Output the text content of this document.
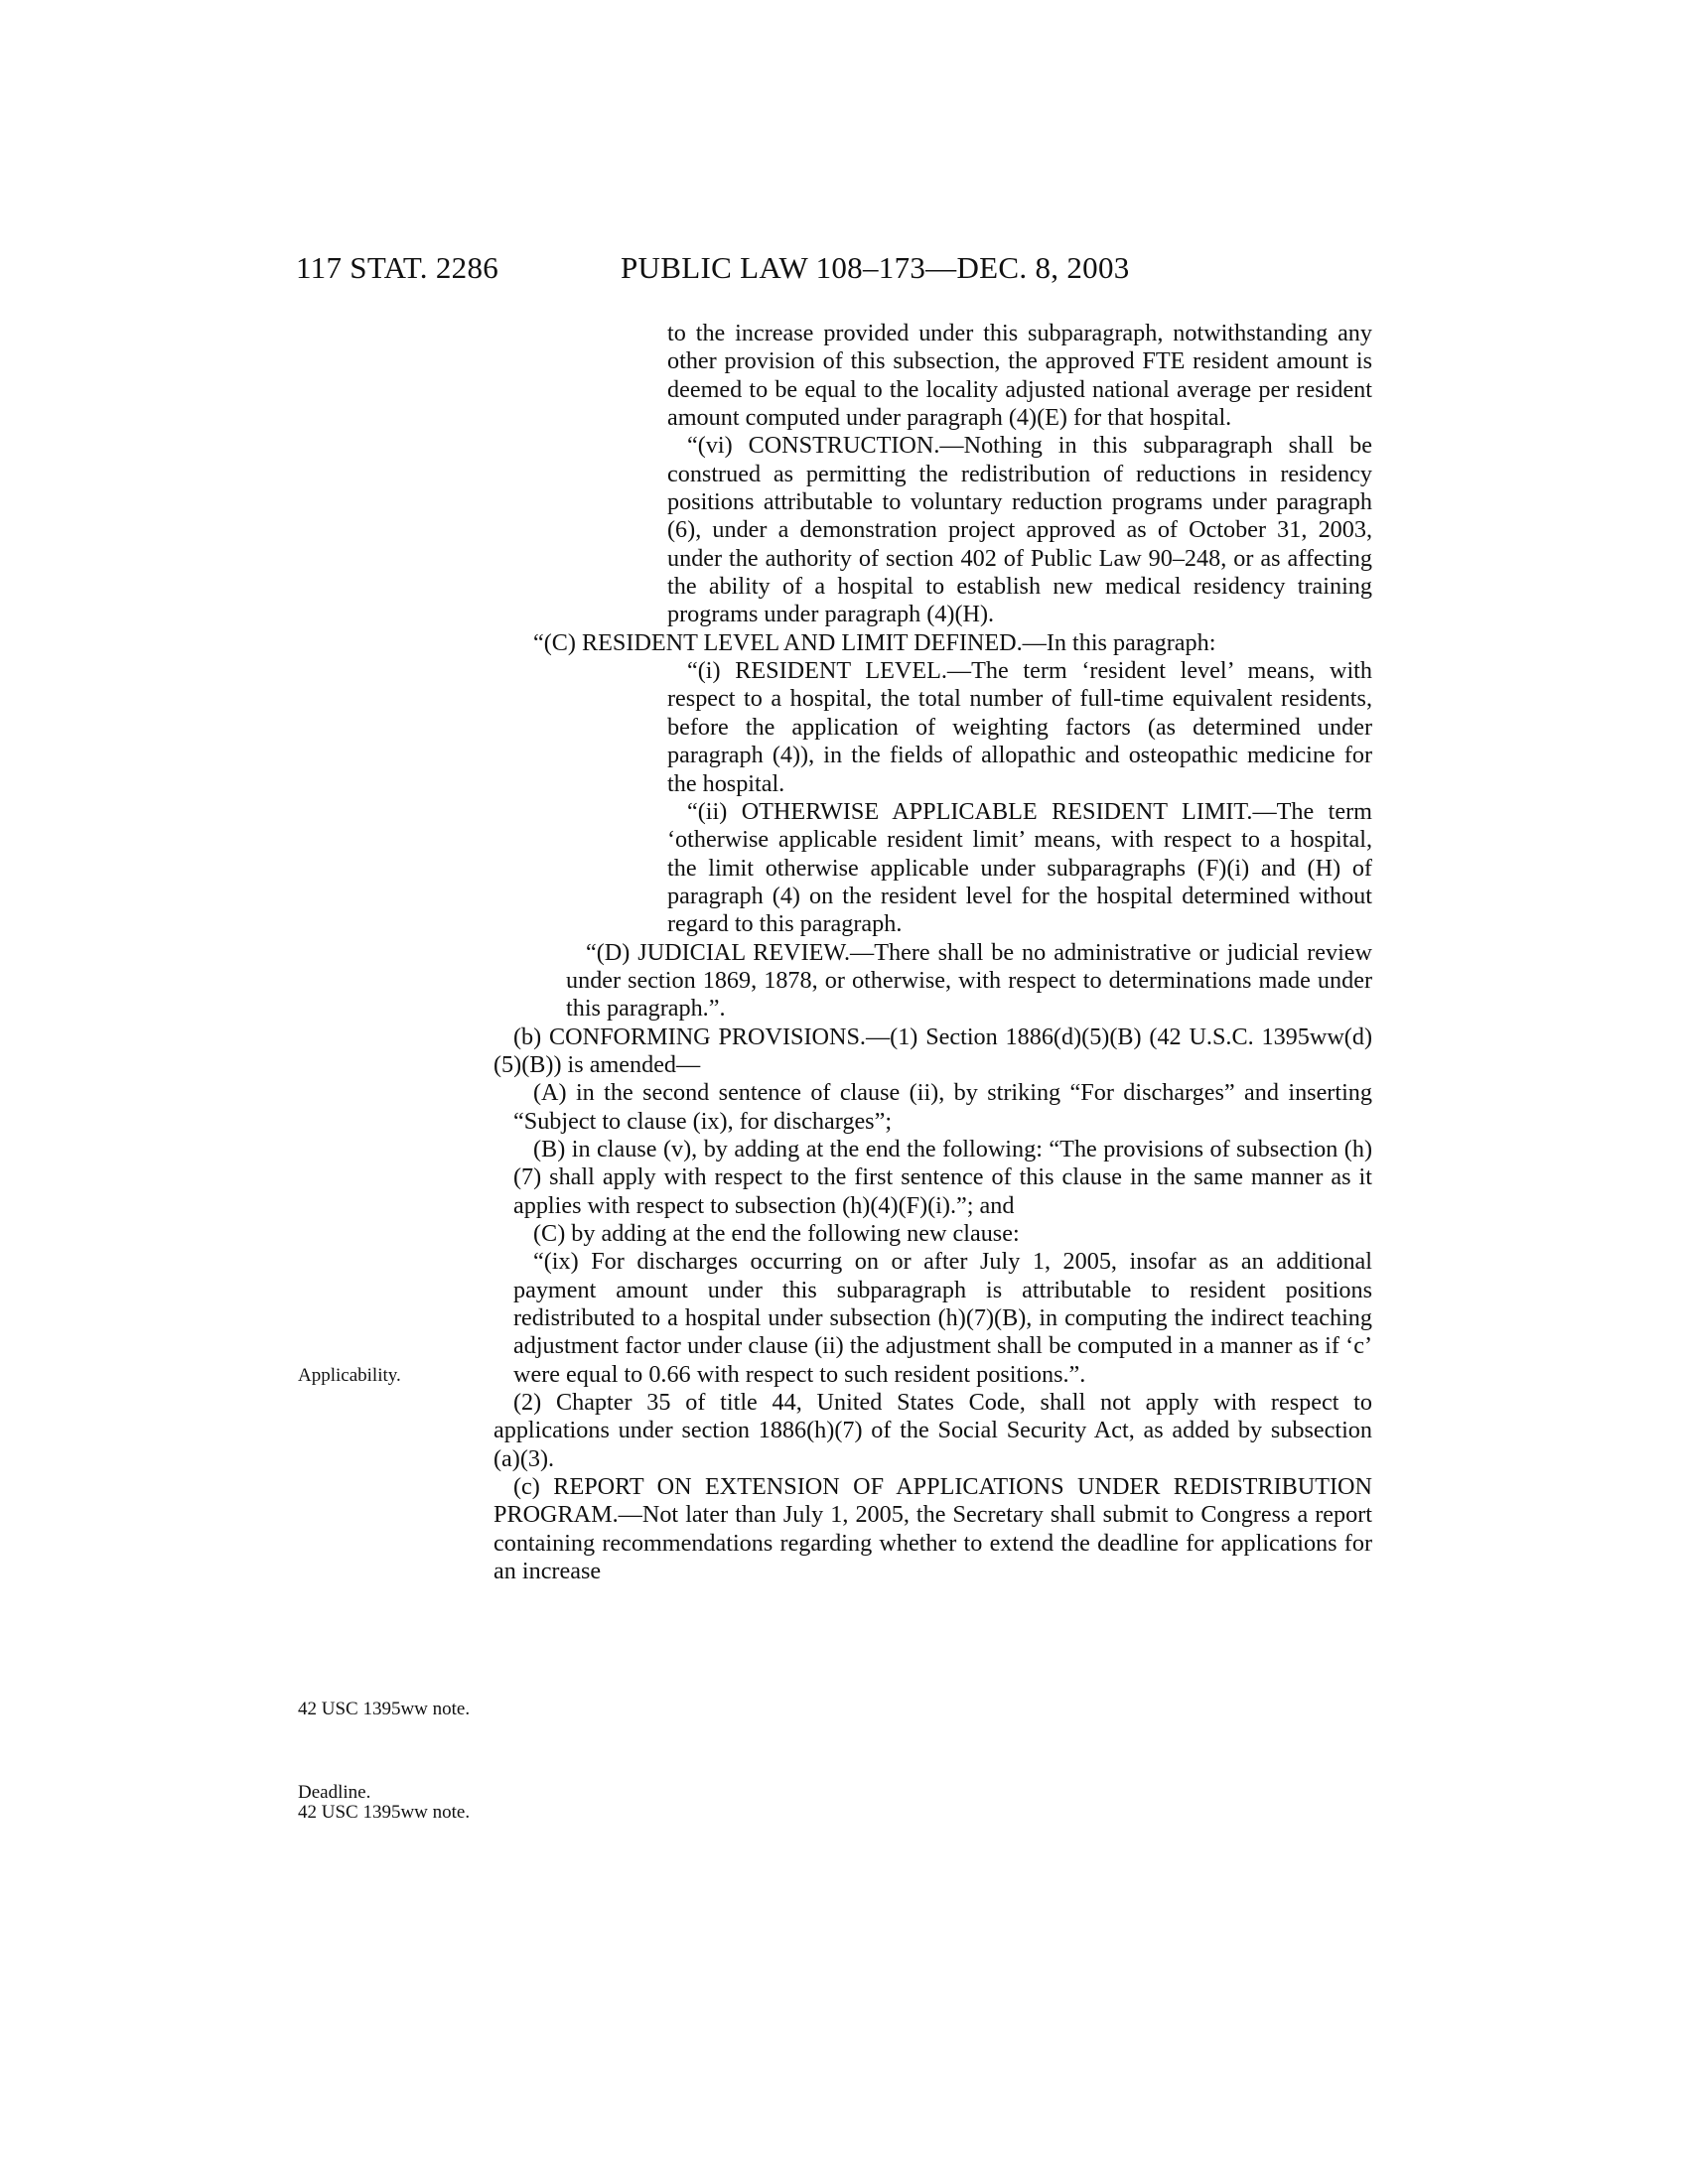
117 STAT. 2286	PUBLIC LAW 108–173—DEC. 8, 2003
Applicability.
42 USC 1395ww note.
Deadline.
42 USC 1395ww note.

to the increase provided under this subparagraph, notwithstanding any other provision of this subsection, the approved FTE resident amount is deemed to be equal to the locality adjusted national average per resident amount computed under paragraph (4)(E) for that hospital.

“(vi) CONSTRUCTION.—Nothing in this subparagraph shall be construed as permitting the redistribution of reductions in residency positions attributable to voluntary reduction programs under paragraph (6), under a demonstration project approved as of October 31, 2003, under the authority of section 402 of Public Law 90–248, or as affecting the ability of a hospital to establish new medical residency training programs under paragraph (4)(H).

“(C) RESIDENT LEVEL AND LIMIT DEFINED.—In this paragraph:

“(i) RESIDENT LEVEL.—The term ‘resident level’ means, with respect to a hospital, the total number of full-time equivalent residents, before the application of weighting factors (as determined under paragraph (4)), in the fields of allopathic and osteopathic medicine for the hospital.

“(ii) OTHERWISE APPLICABLE RESIDENT LIMIT.—The term ‘otherwise applicable resident limit’ means, with respect to a hospital, the limit otherwise applicable under subparagraphs (F)(i) and (H) of paragraph (4) on the resident level for the hospital determined without regard to this paragraph.

“(D) JUDICIAL REVIEW.—There shall be no administrative or judicial review under section 1869, 1878, or otherwise, with respect to determinations made under this paragraph.”.

(b) CONFORMING PROVISIONS.—(1) Section 1886(d)(5)(B) (42 U.S.C. 1395ww(d)(5)(B)) is amended—

(A) in the second sentence of clause (ii), by striking “For discharges” and inserting “Subject to clause (ix), for discharges”;

(B) in clause (v), by adding at the end the following: “The provisions of subsection (h)(7) shall apply with respect to the first sentence of this clause in the same manner as it applies with respect to subsection (h)(4)(F)(i).”; and

(C) by adding at the end the following new clause:

“(ix) For discharges occurring on or after July 1, 2005, insofar as an additional payment amount under this subparagraph is attributable to resident positions redistributed to a hospital under subsection (h)(7)(B), in computing the indirect teaching adjustment factor under clause (ii) the adjustment shall be computed in a manner as if ‘c’ were equal to 0.66 with respect to such resident positions.”.

(2) Chapter 35 of title 44, United States Code, shall not apply with respect to applications under section 1886(h)(7) of the Social Security Act, as added by subsection (a)(3).

(c) REPORT ON EXTENSION OF APPLICATIONS UNDER REDISTRIBUTION PROGRAM.—Not later than July 1, 2005, the Secretary shall submit to Congress a report containing recommendations regarding whether to extend the deadline for applications for an increase
